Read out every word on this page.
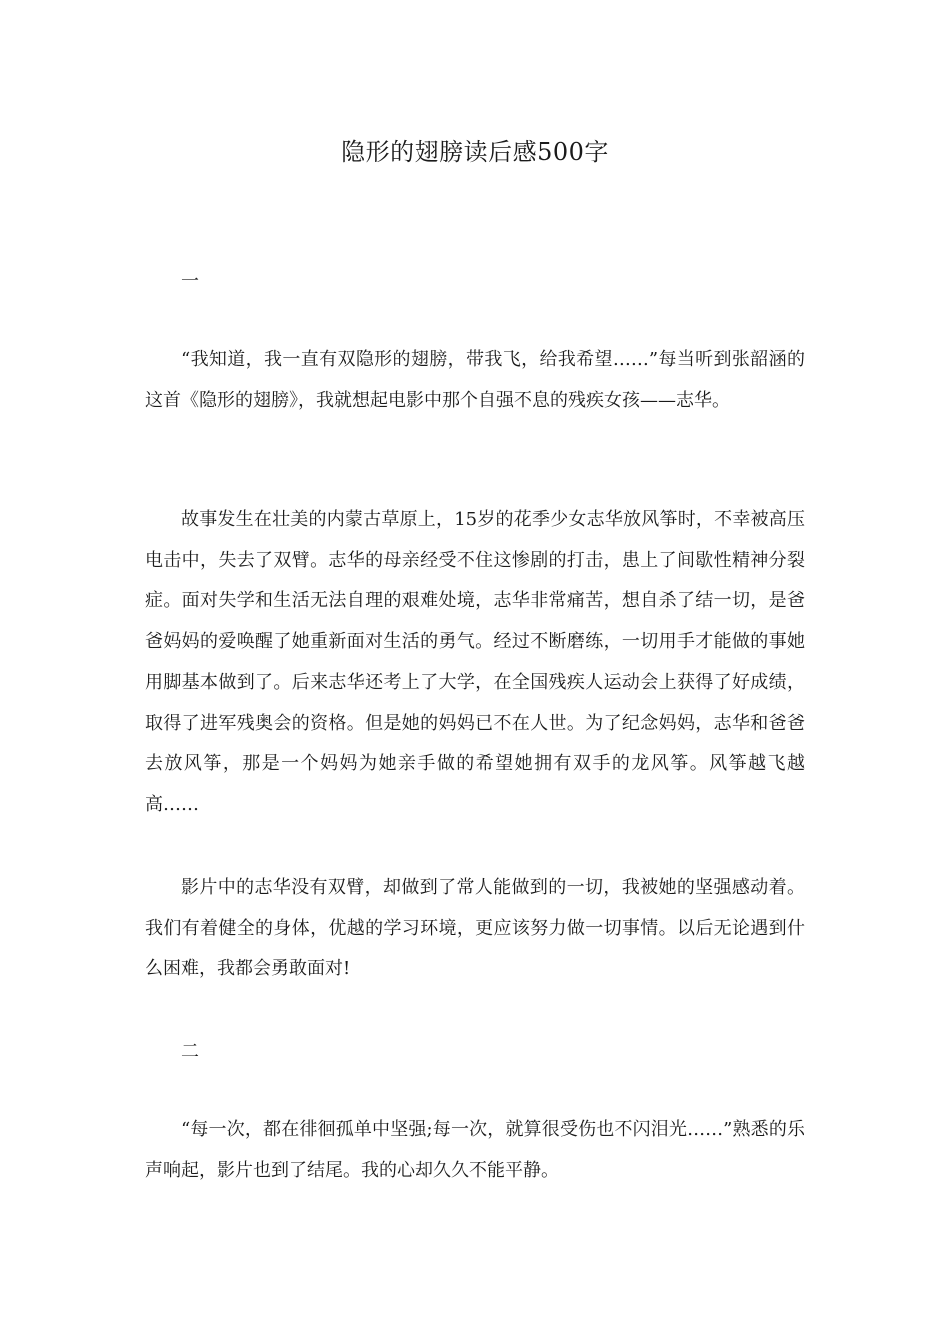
隐形的翅膀读后感500字

一

“我知道，我一直有双隐形的翅膀，带我飞，给我希望……”每当听到张韶涵的这首《隐形的翅膀》，我就想起电影中那个自强不息的残疾女孩——志华。

故事发生在壮美的内蒙古草原上，15岁的花季少女志华放风筝时，不幸被高压电击中，失去了双臂。志华的母亲经受不住这惨剧的打击，患上了间歇性精神分裂症。面对失学和生活无法自理的艰难处境，志华非常痛苦，想自杀了结一切，是爸爸妈妈的爱唤醒了她重新面对生活的勇气。经过不断磨练，一切用手才能做的事她用脚基本做到了。后来志华还考上了大学，在全国残疾人运动会上获得了好成绩，取得了进军残奥会的资格。但是她的妈妈已不在人世。为了纪念妈妈，志华和爸爸去放风筝，那是一个妈妈为她亲手做的希望她拥有双手的龙风筝。风筝越飞越高……

影片中的志华没有双臂，却做到了常人能做到的一切，我被她的坚强感动着。我们有着健全的身体，优越的学习环境，更应该努力做一切事情。以后无论遇到什么困难，我都会勇敢面对!

二

“每一次，都在徘徊孤单中坚强;每一次，就算很受伤也不闪泪光……”熟悉的乐声响起，影片也到了结尾。我的心却久久不能平静。
